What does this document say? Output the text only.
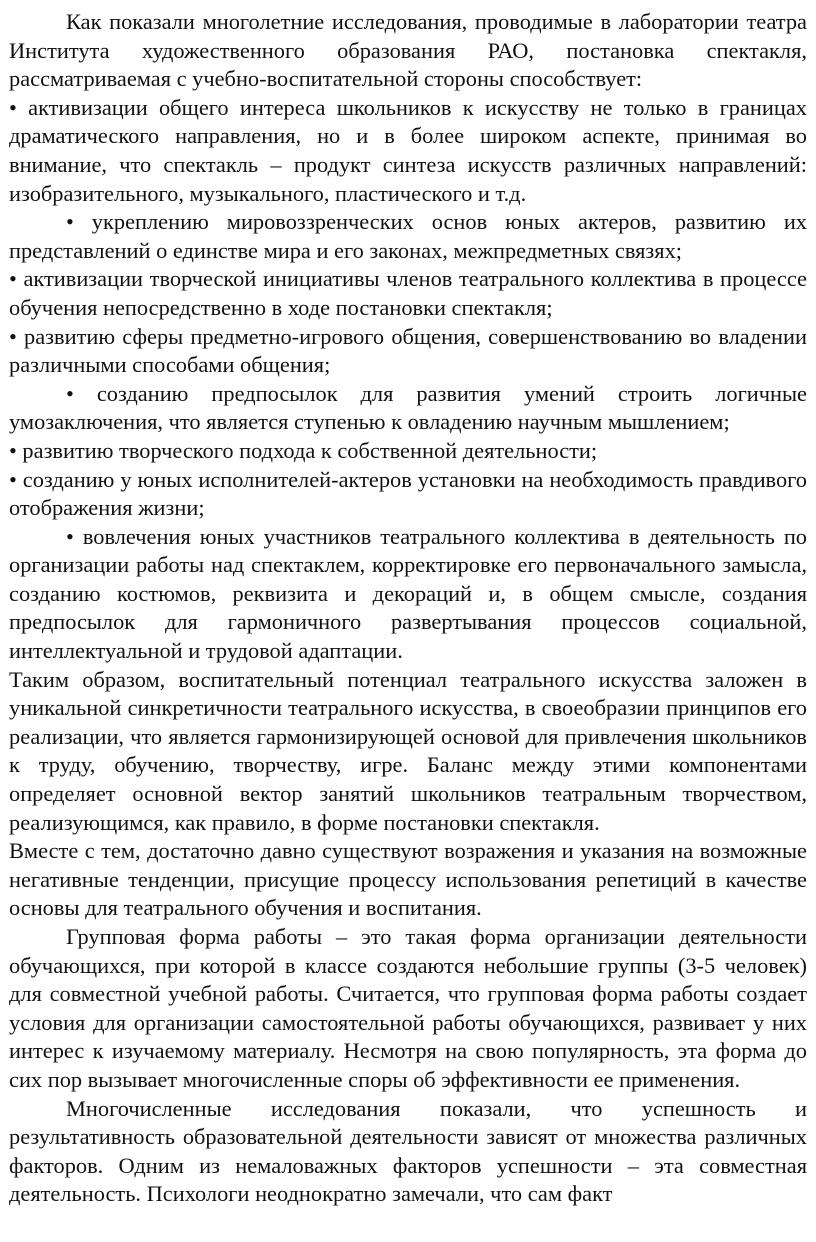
Как показали многолетние исследования, проводимые в лаборатории театра Института художественного образования РАО, постановка спектакля, рассматриваемая с учебно-воспитательной стороны способствует:

• активизации общего интереса школьников к искусству не только в границах драматического направления, но и в более широком аспекте, принимая во внимание, что спектакль – продукт синтеза искусств различных направлений: изобразительного, музыкального, пластического и т.д.

• укреплению мировоззренческих основ юных актеров, развитию их представлений о единстве мира и его законах, межпредметных связях;

• активизации творческой инициативы членов театрального коллектива в процессе обучения непосредственно в ходе постановки спектакля;

• развитию сферы предметно-игрового общения, совершенствованию во владении различными способами общения;

• созданию предпосылок для развития умений строить логичные умозаключения, что является ступенью к овладению научным мышлением;

• развитию творческого подхода к собственной деятельности;

• созданию у юных исполнителей-актеров установки на необходимость правдивого отображения жизни;

• вовлечения юных участников театрального коллектива в деятельность по организации работы над спектаклем, корректировке его первоначального замысла, созданию костюмов, реквизита и декораций и, в общем смысле, создания предпосылок для гармоничного развертывания процессов социальной, интеллектуальной и трудовой адаптации.

Таким образом, воспитательный потенциал театрального искусства заложен в уникальной синкретичности театрального искусства, в своеобразии принципов его реализации, что является гармонизирующей основой для привлечения школьников к труду, обучению, творчеству, игре. Баланс между этими компонентами определяет основной вектор занятий школьников театральным творчеством, реализующимся, как правило, в форме постановки спектакля.

Вместе с тем, достаточно давно существуют возражения и указания на возможные негативные тенденции, присущие процессу использования репетиций в качестве основы для театрального обучения и воспитания.

Групповая форма работы – это такая форма организации деятельности обучающихся, при которой в классе создаются небольшие группы (3-5 человек) для совместной учебной работы. Считается, что групповая форма работы создает условия для организации самостоятельной работы обучающихся, развивает у них интерес к изучаемому материалу. Несмотря на свою популярность, эта форма до сих пор вызывает многочисленные споры об эффективности ее применения.

Многочисленные исследования показали, что успешность и результативность образовательной деятельности зависят от множества различных факторов. Одним из немаловажных факторов успешности – эта совместная деятельность. Психологи неоднократно замечали, что сам факт
